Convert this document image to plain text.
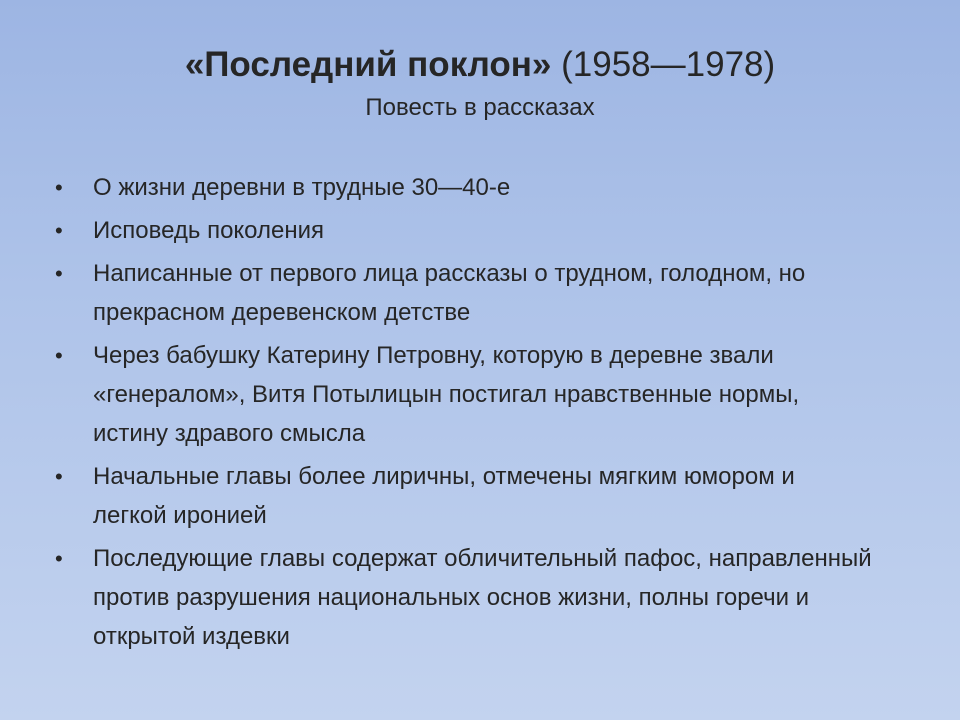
«Последний поклон» (1958—1978)
Повесть в рассказах
•	О жизни деревни в трудные 30—40-е
•	Исповедь поколения
•	Написанные от первого лица рассказы о трудном, голодном, но прекрасном деревенском детстве
•	Через бабушку Катерину Петровну, которую в деревне звали «генералом», Витя Потылицын постигал нравственные нормы, истину здравого смысла
•	Начальные главы более лиричны, отмечены мягким юмором и легкой иронией
•	Последующие главы содержат обличительный пафос, направленный против разрушения национальных основ жизни, полны горечи и открытой издевки
